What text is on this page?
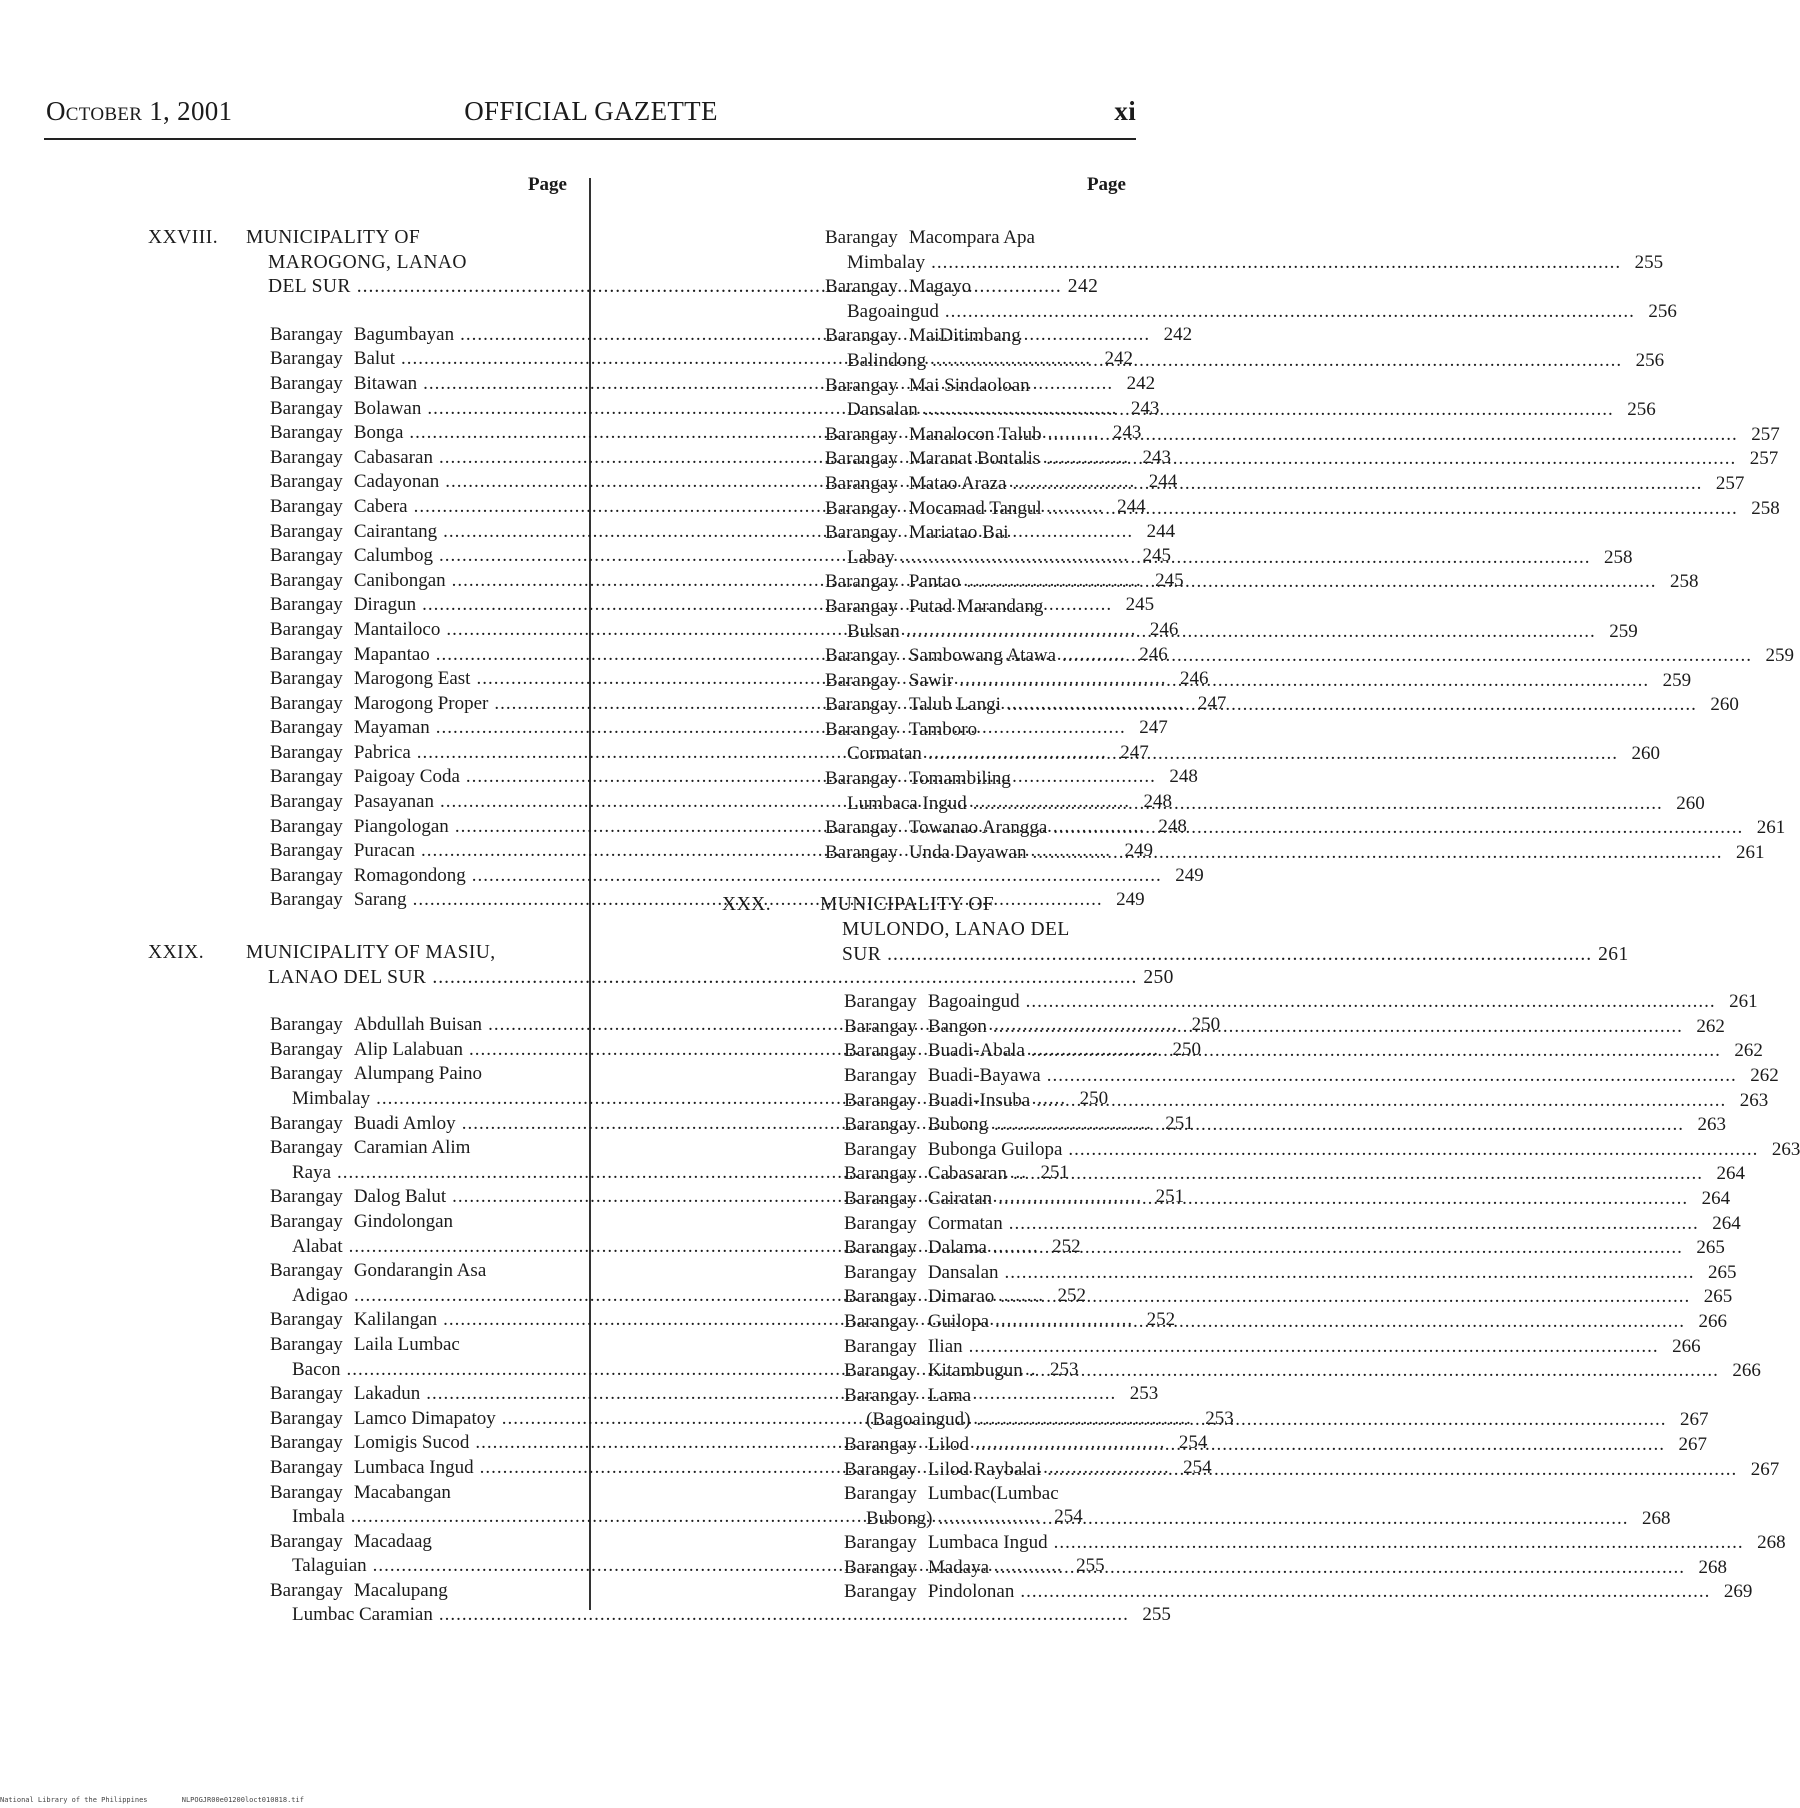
October 1, 2001	OFFICIAL GAZETTE	xi
Page
XXVIII. MUNICIPALITY OF
MAROGONG, LANAO
DEL SUR .....	242
Barangay Bagumbayan .....	242
Barangay Balut .....	242
Barangay Bitawan .....	242
Barangay Bolawan .....	243
Barangay Bonga .....	243
Barangay Cabasaran .....	243
Barangay Cadayonan .....	244
Barangay Cabera .....	244
Barangay Cairantang .....	244
Barangay Calumbog .....	245
Barangay Canibongan .....	245
Barangay Diragun .....	245
Barangay Mantailoco .....	246
Barangay Mapantao .....	246
Barangay Marogong East .....	246
Barangay Marogong Proper .....	247
Barangay Mayaman .....	247
Barangay Pabrica .....	247
Barangay Paigoay Coda .....	248
Barangay Pasayanan .....	248
Barangay Piangologan .....	248
Barangay Puracan .....	249
Barangay Romagondong .....	249
Barangay Sarang .....	249
XXIX. MUNICIPALITY OF MASIU,
LANAO DEL SUR .....	250
Barangay Abdullah Buisan .....	250
Barangay Alip Lalabuan .....	250
Barangay Alumpang Paino
Mimbalay .....	250
Barangay Buadi Amloy .....	251
Barangay Caramian Alim
Raya .....	251
Barangay Dalog Balut .....	251
Barangay Gindolongan
Alabat .....	252
Barangay Gondarangin Asa
Adigao .....	252
Barangay Kalilangan .....	252
Barangay Laila Lumbac
Bacon .....	253
Barangay Lakadun .....	253
Barangay Lamco Dimapatoy .....	253
Barangay Lomigis Sucod .....	254
Barangay Lumbaca Ingud .....	254
Barangay Macabangan
Imbala .....	254
Barangay Macadaag
Talaguian .....	255
Barangay Macalupang
Lumbac Caramian .....	255
Page
Barangay Macompara Apa
Mimbalay .....	255
Barangay Magayo
Bagoaingud .....	256
Barangay MaiDitimbang
Balindong .....	256
Barangay Mai Sindaoloan
Dansalan .....	256
Barangay Manalocon Talub .....	257
Barangay Maranat Bontalis .....	257
Barangay Matao Araza .....	257
Barangay Mocamad Tangul .....	258
Barangay Mariatao Bai
Labay .....	258
Barangay Pantao .....	258
Barangay Putad Marandang
Bulsan .....	259
Barangay Sambowang Atawa .....	259
Barangay Sawir .....	259
Barangay Talub Langi .....	260
Barangay Tamboro
Cormatan .....	260
Barangay Tomambiling
Lumbaca Ingud .....	260
Barangay Towanao Arangga .....	261
Barangay Unda Dayawan .....	261
XXX.	MUNICIPALITY OF
MULONDO, LANAO DEL
SUR .....	261
Barangay Bagoaingud .....	261
Barangay Bangon .....	262
Barangay Buadi-Abala .....	262
Barangay Buadi-Bayawa .....	262
Barangay Buadi-Insuba .....	263
Barangay Bubong .....	263
Barangay Bubonga Guilopa .....	263
Barangay Cabasaran .....	264
Barangay Cairatan .....	264
Barangay Cormatan .....	264
Barangay Dalama .....	265
Barangay Dansalan .....	265
Barangay Dimarao .....	265
Barangay Guilopa .....	266
Barangay Ilian .....	266
Barangay Kitambugun .....	266
Barangay Lama
(Bagoaingud) .....	267
Barangay Lilod .....	267
Barangay Lilod Raybalai .....	267
Barangay Lumbac(Lumbac
Bubong) .....	268
Barangay Lumbaca Ingud .....	268
Barangay Madaya .....	268
Barangay Pindolonan .....	269
National Library of the Philippines	NLPOGJR00e01200loct010818.tif
